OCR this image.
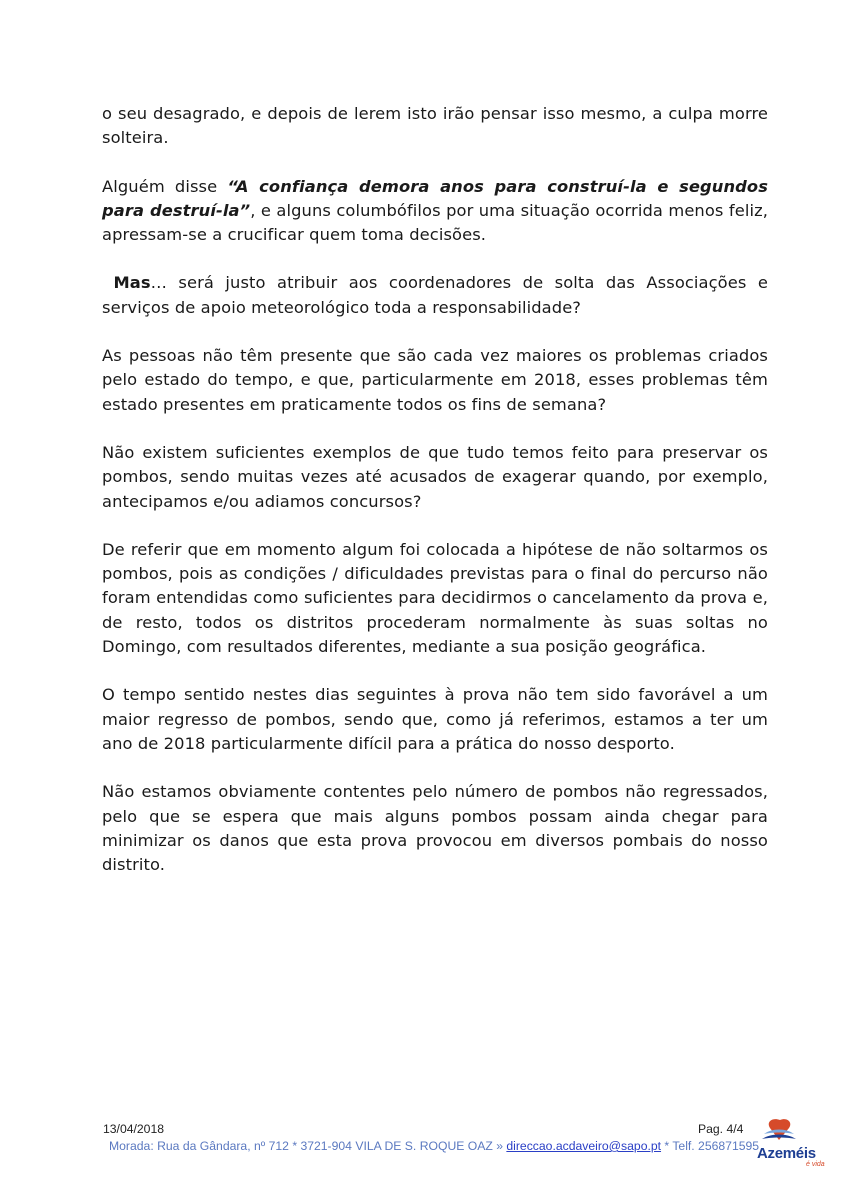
o seu desagrado, e depois de lerem isto irão pensar isso mesmo, a culpa morre solteira.

Alguém disse “A confiança demora anos para construí-la e segundos para destruí-la”, e alguns columbófilos por uma situação ocorrida menos feliz, apressam-se a crucificar quem toma decisões.

Mas… será justo atribuir aos coordenadores de solta das Associações e serviços de apoio meteorológico toda a responsabilidade?

As pessoas não têm presente que são cada vez maiores os problemas criados pelo estado do tempo, e que, particularmente em 2018, esses problemas têm estado presentes em praticamente todos os fins de semana?

Não existem suficientes exemplos de que tudo temos feito para preservar os pombos, sendo muitas vezes até acusados de exagerar quando, por exemplo, antecipamos e/ou adiamos concursos?

De referir que em momento algum foi colocada a hipótese de não soltarmos os pombos, pois as condições / dificuldades previstas para o final do percurso não foram entendidas como suficientes para decidirmos o cancelamento da prova e, de resto, todos os distritos procederam normalmente às suas soltas no Domingo, com resultados diferentes, mediante a sua posição geográfica.

O tempo sentido nestes dias seguintes à prova não tem sido favorável a um maior regresso de pombos, sendo que, como já referimos, estamos a ter um ano de 2018 particularmente difícil para a prática do nosso desporto.

Não estamos obviamente contentes pelo número de pombos não regressados, pelo que se espera que mais alguns pombos possam ainda chegar para minimizar os danos que esta prova provocou em diversos pombais do nosso distrito.

13/04/2018	Pag. 4/4
Morada: Rua da Gândara, nº 712 * 3721-904 VILA DE S. ROQUE OAZ » direccao.acdaveiro@sapo.pt * Telf. 256871595
Azeméis
é vida
